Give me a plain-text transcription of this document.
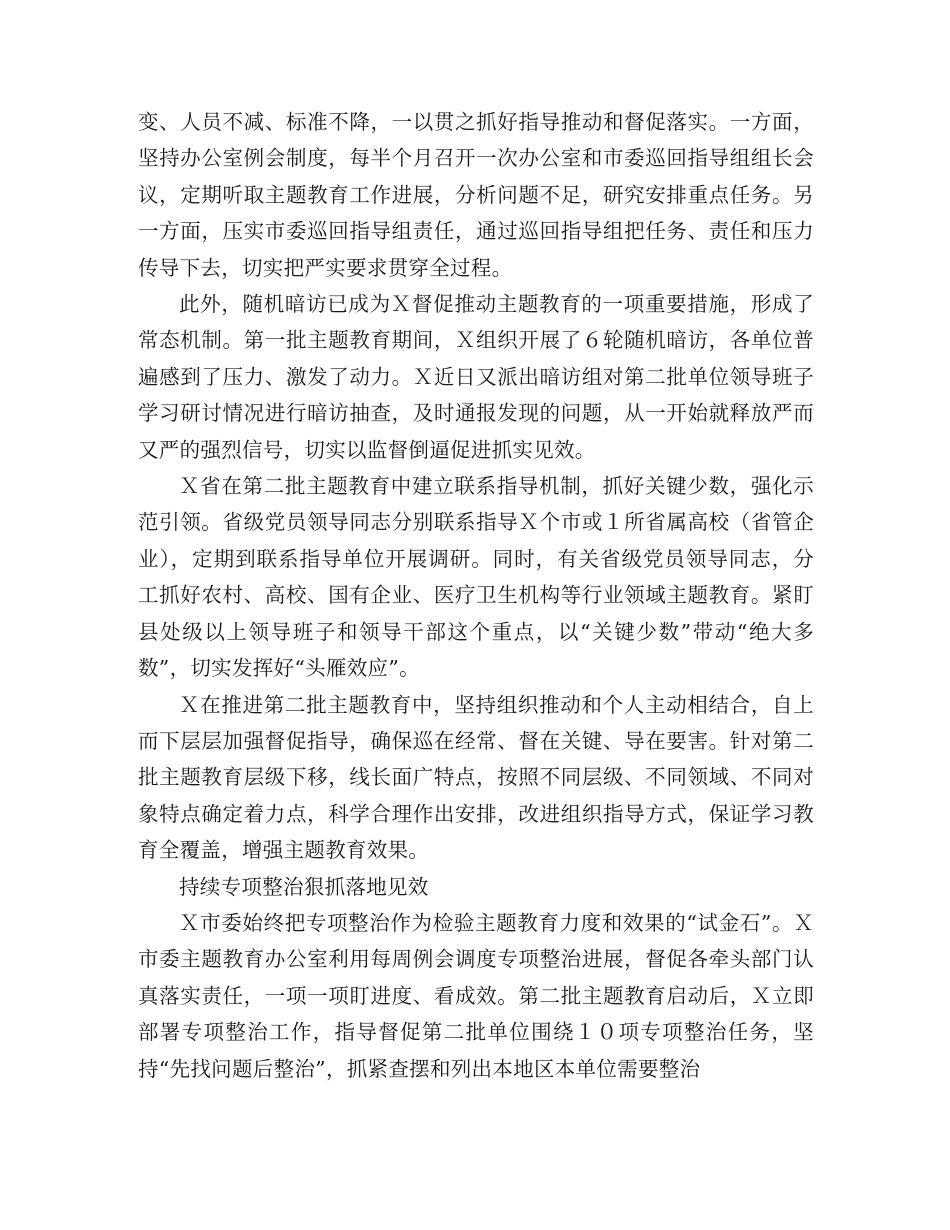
变、人员不减、标准不降，一以贯之抓好指导推动和督促落实。一方面，坚持办公室例会制度，每半个月召开一次办公室和市委巡回指导组组长会议，定期听取主题教育工作进展，分析问题不足，研究安排重点任务。另一方面，压实市委巡回指导组责任，通过巡回指导组把任务、责任和压力传导下去，切实把严实要求贯穿全过程。

此外，随机暗访已成为Ｘ督促推动主题教育的一项重要措施，形成了常态机制。第一批主题教育期间，Ｘ组织开展了６轮随机暗访，各单位普遍感到了压力、激发了动力。Ｘ近日又派出暗访组对第二批单位领导班子学习研讨情况进行暗访抽查，及时通报发现的问题，从一开始就释放严而又严的强烈信号，切实以监督倒逼促进抓实见效。

Ｘ省在第二批主题教育中建立联系指导机制，抓好关键少数，强化示范引领。省级党员领导同志分别联系指导Ｘ个市或１所省属高校（省管企业），定期到联系指导单位开展调研。同时，有关省级党员领导同志，分工抓好农村、高校、国有企业、医疗卫生机构等行业领域主题教育。紧盯县处级以上领导班子和领导干部这个重点，以“关键少数”带动“绝大多数”，切实发挥好“头雁效应”。

Ｘ在推进第二批主题教育中，坚持组织推动和个人主动相结合，自上而下层层加强督促指导，确保巡在经常、督在关键、导在要害。针对第二批主题教育层级下移，线长面广特点，按照不同层级、不同领域、不同对象特点确定着力点，科学合理作出安排，改进组织指导方式，保证学习教育全覆盖，增强主题教育效果。

持续专项整治狠抓落地见效

Ｘ市委始终把专项整治作为检验主题教育力度和效果的“试金石”。Ｘ市委主题教育办公室利用每周例会调度专项整治进展，督促各牵头部门认真落实责任，一项一项盯进度、看成效。第二批主题教育启动后，Ｘ立即部署专项整治工作，指导督促第二批单位围绕１０项专项整治任务，坚持“先找问题后整治”，抓紧查摆和列出本地区本单位需要整治
